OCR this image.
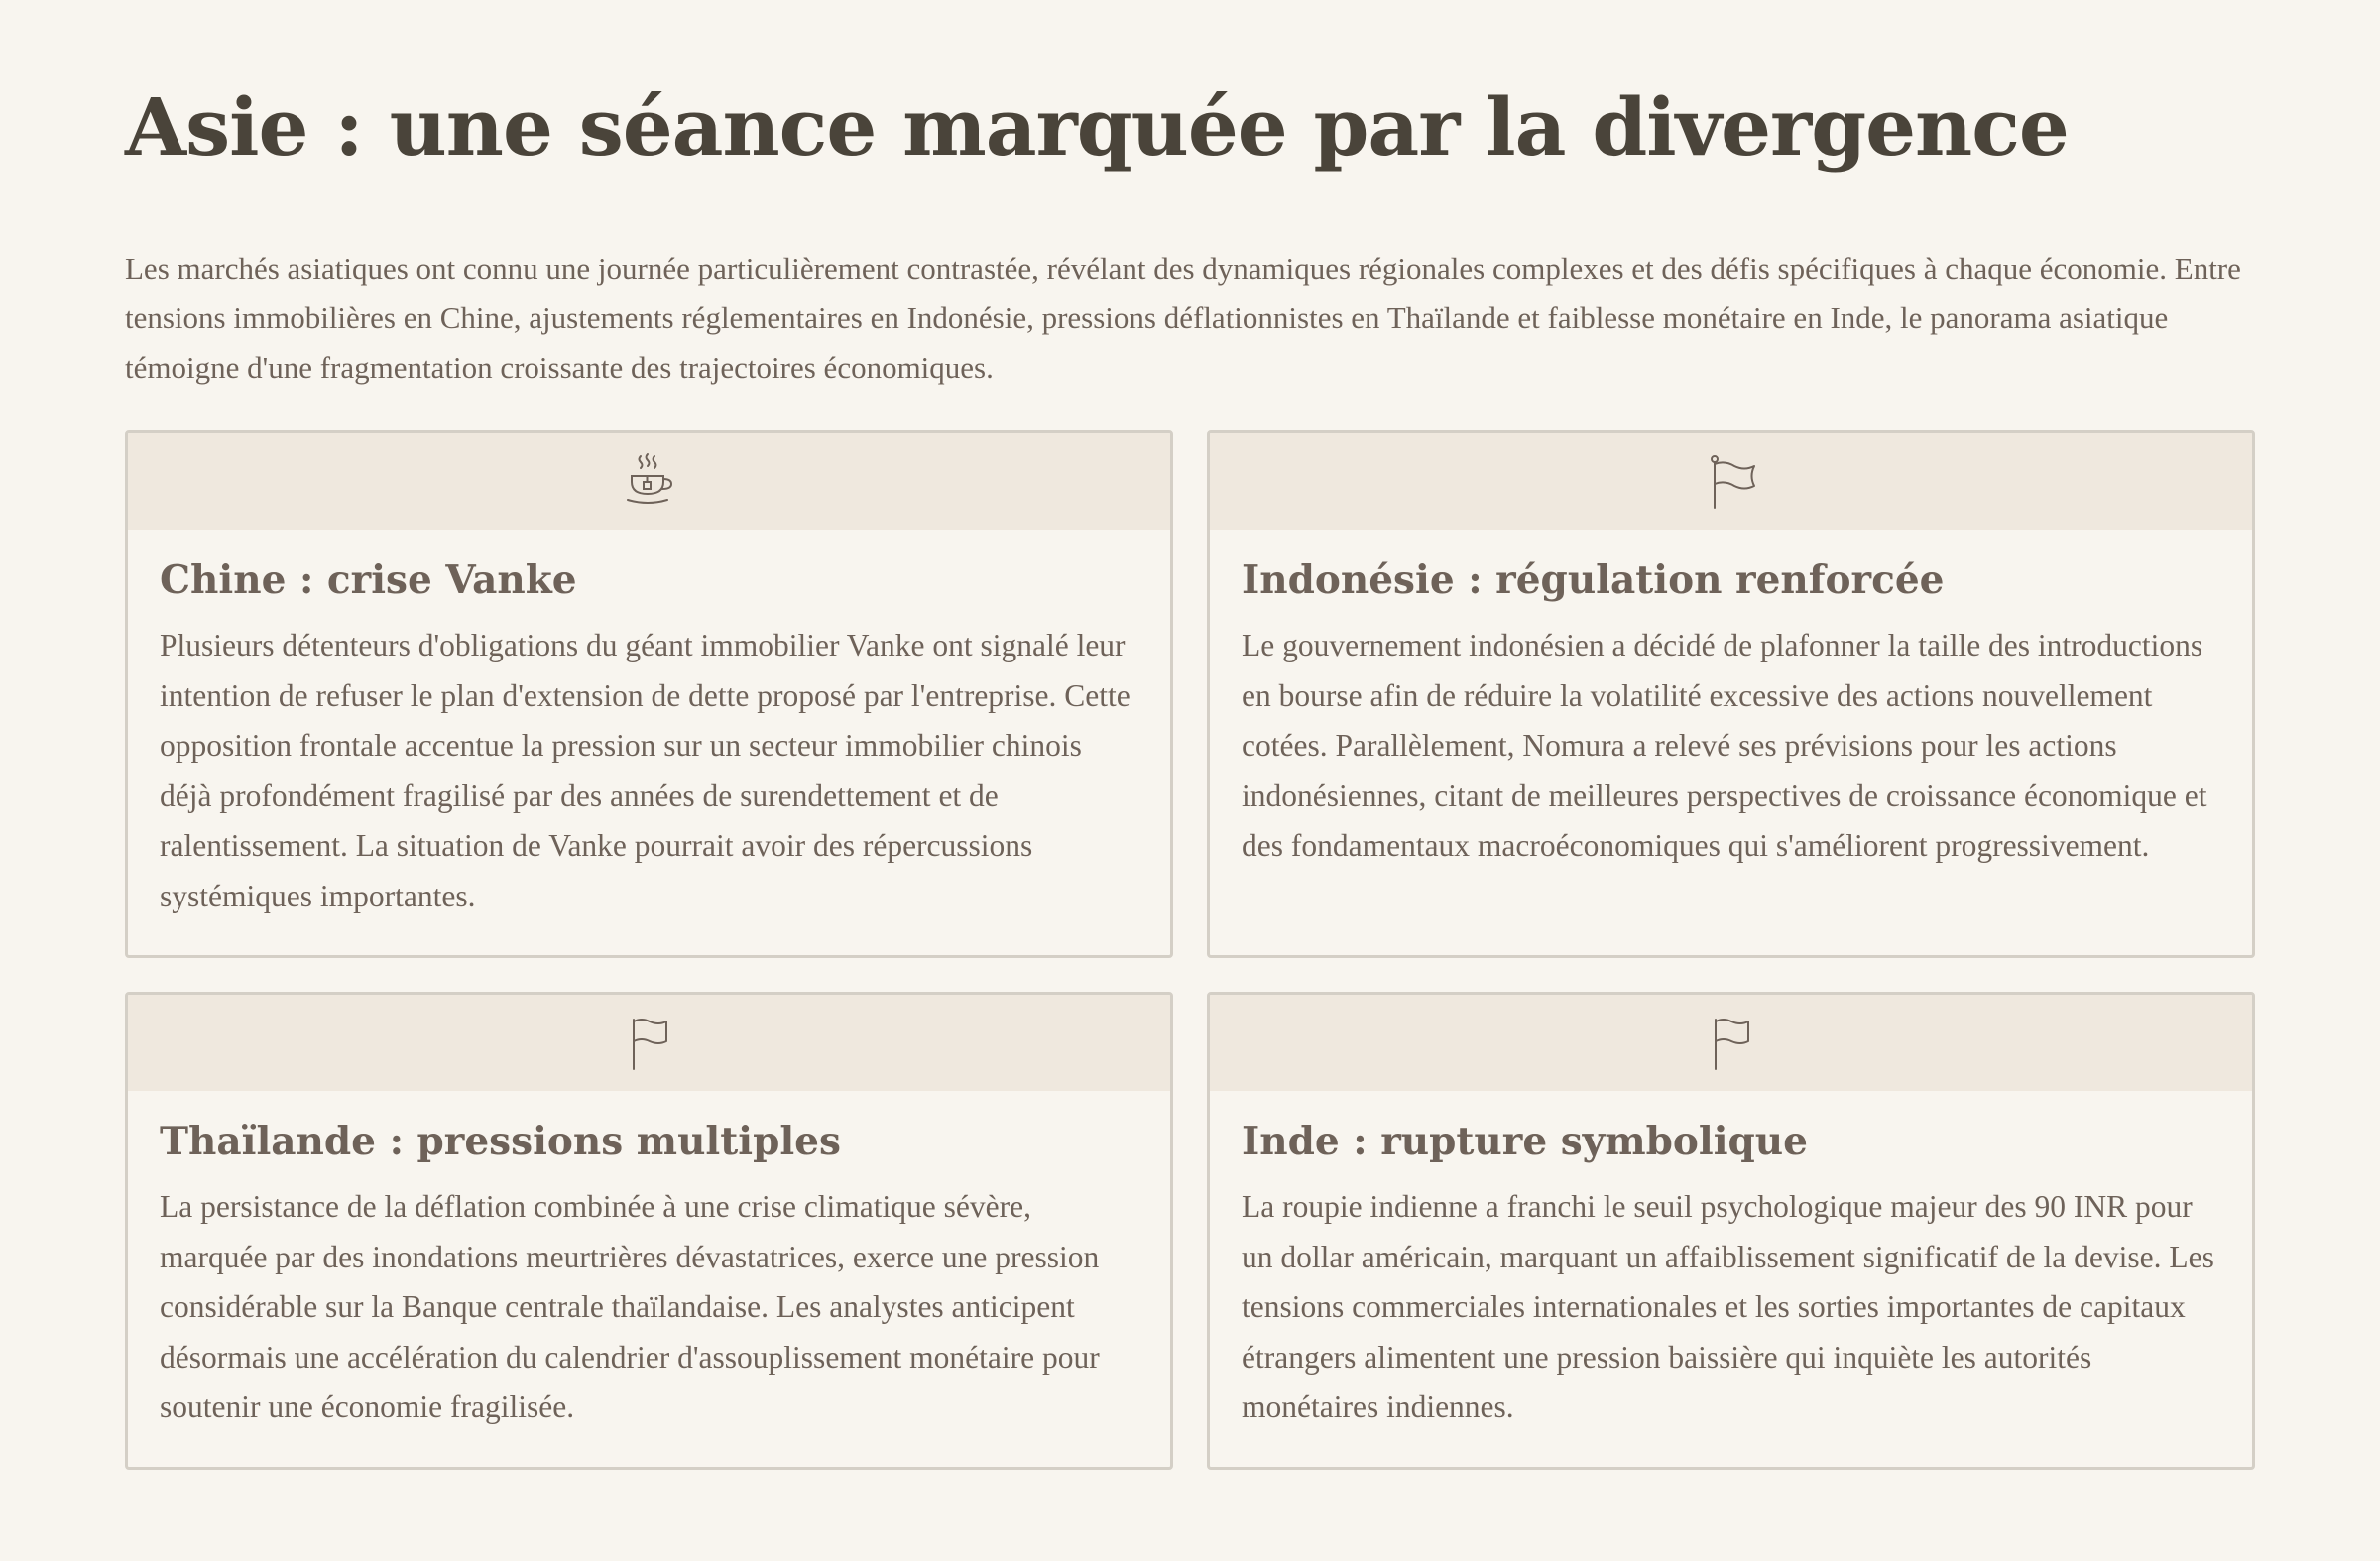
Asie : une séance marquée par la divergence

Les marchés asiatiques ont connu une journée particulièrement contrastée, révélant des dynamiques régionales complexes et des défis spécifiques à chaque économie. Entre tensions immobilières en Chine, ajustements réglementaires en Indonésie, pressions déflationnistes en Thaïlande et faiblesse monétaire en Inde, le panorama asiatique témoigne d'une fragmentation croissante des trajectoires économiques.

Chine : crise Vanke

Plusieurs détenteurs d'obligations du géant immobilier Vanke ont signalé leur intention de refuser le plan d'extension de dette proposé par l'entreprise. Cette opposition frontale accentue la pression sur un secteur immobilier chinois déjà profondément fragilisé par des années de surendettement et de ralentissement. La situation de Vanke pourrait avoir des répercussions systémiques importantes.

Indonésie : régulation renforcée

Le gouvernement indonésien a décidé de plafonner la taille des introductions en bourse afin de réduire la volatilité excessive des actions nouvellement cotées. Parallèlement, Nomura a relevé ses prévisions pour les actions indonésiennes, citant de meilleures perspectives de croissance économique et des fondamentaux macroéconomiques qui s'améliorent progressivement.

Thaïlande : pressions multiples

La persistance de la déflation combinée à une crise climatique sévère, marquée par des inondations meurtrières dévastatrices, exerce une pression considérable sur la Banque centrale thaïlandaise. Les analystes anticipent désormais une accélération du calendrier d'assouplissement monétaire pour soutenir une économie fragilisée.

Inde : rupture symbolique

La roupie indienne a franchi le seuil psychologique majeur des 90 INR pour un dollar américain, marquant un affaiblissement significatif de la devise. Les tensions commerciales internationales et les sorties importantes de capitaux étrangers alimentent une pression baissière qui inquiète les autorités monétaires indiennes.
